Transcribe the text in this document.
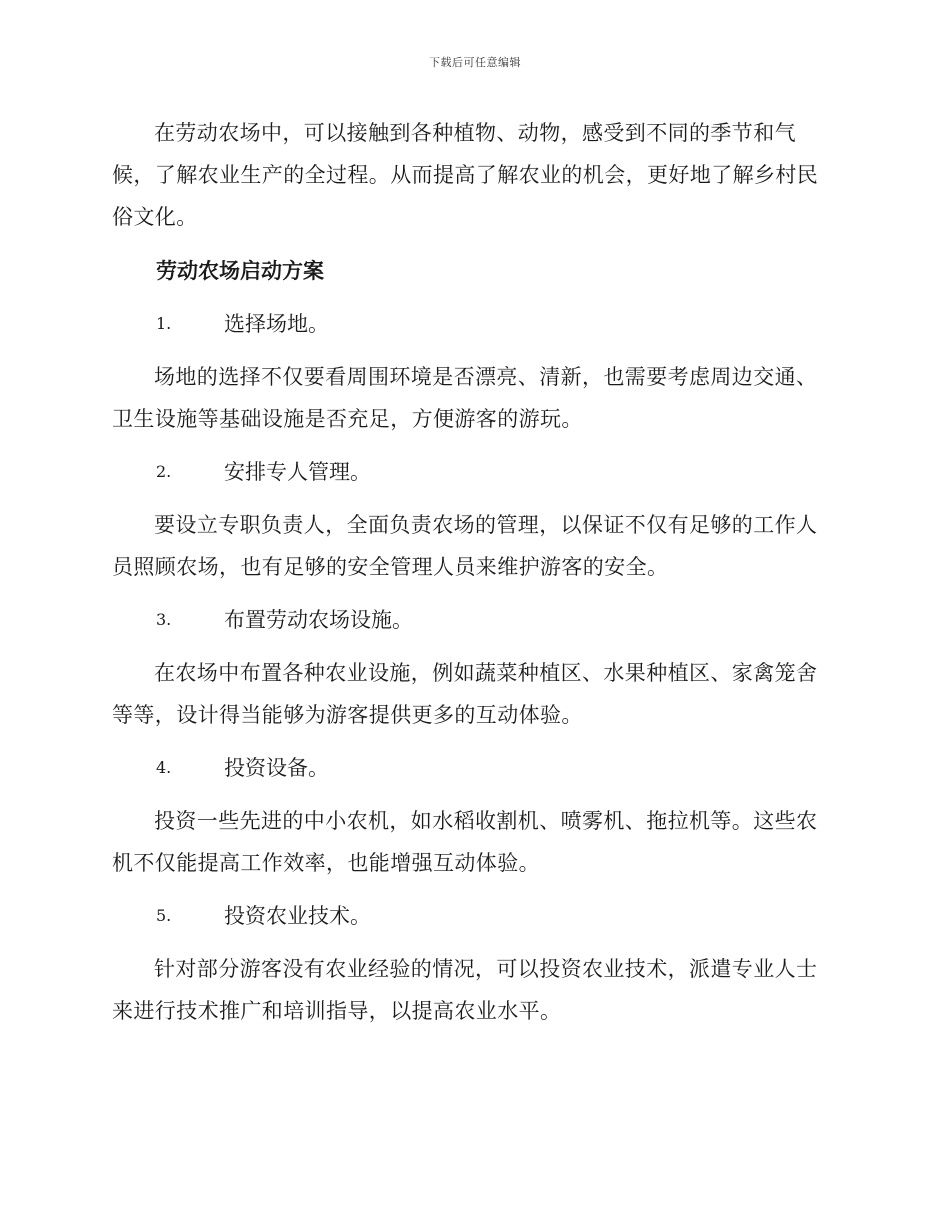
下载后可任意编辑

在劳动农场中，可以接触到各种植物、动物，感受到不同的季节和气候，了解农业生产的全过程。从而提高了解农业的机会，更好地了解乡村民俗文化。

劳动农场启动方案
1.	选择场地。

场地的选择不仅要看周围环境是否漂亮、清新，也需要考虑周边交通、卫生设施等基础设施是否充足，方便游客的游玩。

2.	安排专人管理。

要设立专职负责人，全面负责农场的管理，以保证不仅有足够的工作人员照顾农场，也有足够的安全管理人员来维护游客的安全。

3.	布置劳动农场设施。

在农场中布置各种农业设施，例如蔬菜种植区、水果种植区、家禽笼舍等等，设计得当能够为游客提供更多的互动体验。

4.	投资设备。

投资一些先进的中小农机，如水稻收割机、喷雾机、拖拉机等。这些农机不仅能提高工作效率，也能增强互动体验。

5.	投资农业技术。

针对部分游客没有农业经验的情况，可以投资农业技术，派遣专业人士来进行技术推广和培训指导，以提高农业水平。
